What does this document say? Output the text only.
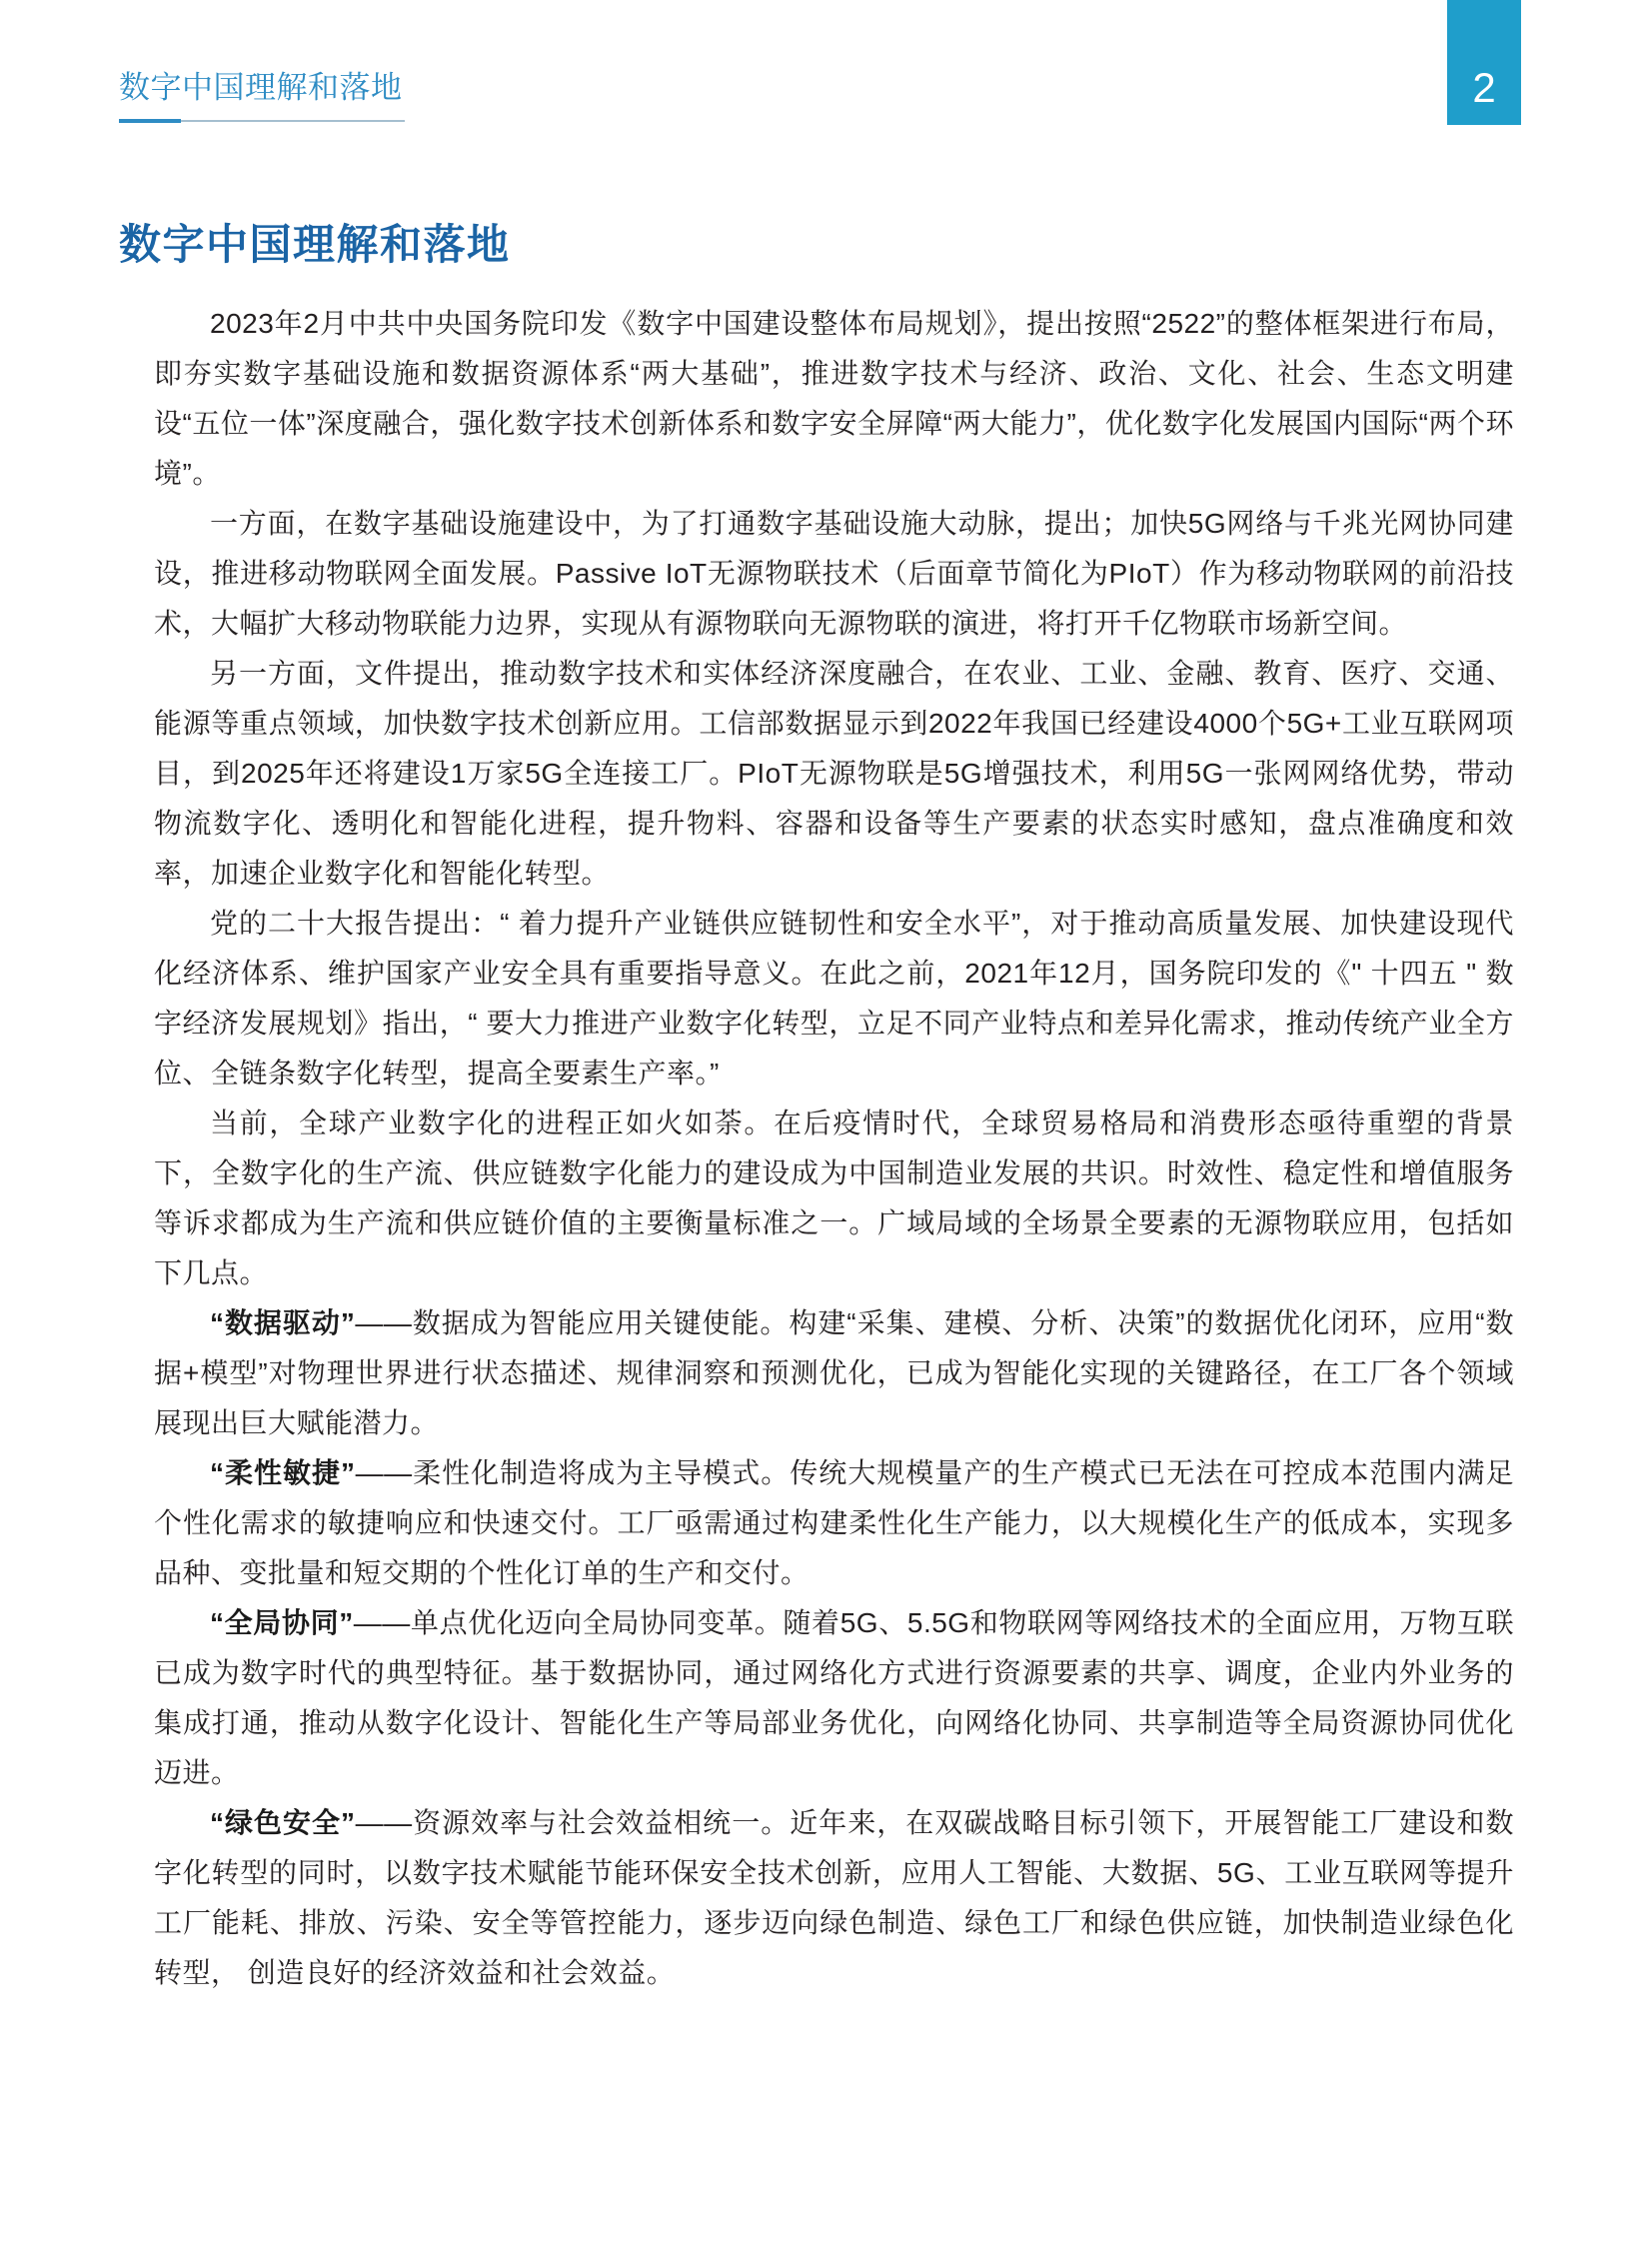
数字中国理解和落地	2
数字中国理解和落地

2023年2月中共中央国务院印发《数字中国建设整体布局规划》，提出按照“2522”的整体框架进行布局，即夯实数字基础设施和数据资源体系“两大基础”，推进数字技术与经济、政治、文化、社会、生态文明建设“五位一体”深度融合，强化数字技术创新体系和数字安全屏障“两大能力”，优化数字化发展国内国际“两个环境”。

一方面，在数字基础设施建设中，为了打通数字基础设施大动脉，提出；加快5G网络与千兆光网协同建设，推进移动物联网全面发展。Passive IoT无源物联技术（后面章节简化为PIoT）作为移动物联网的前沿技术，大幅扩大移动物联能力边界，实现从有源物联向无源物联的演进，将打开千亿物联市场新空间。

另一方面，文件提出，推动数字技术和实体经济深度融合，在农业、工业、金融、教育、医疗、交通、能源等重点领域，加快数字技术创新应用。工信部数据显示到2022年我国已经建设4000个5G+工业互联网项目，到2025年还将建设1万家5G全连接工厂。PIoT无源物联是5G增强技术，利用5G一张网网络优势，带动物流数字化、透明化和智能化进程，提升物料、容器和设备等生产要素的状态实时感知，盘点准确度和效率，加速企业数字化和智能化转型。

党的二十大报告提出：“ 着力提升产业链供应链韧性和安全水平”，对于推动高质量发展、加快建设现代化经济体系、维护国家产业安全具有重要指导意义。在此之前，2021年12月，国务院印发的《" 十四五 " 数字经济发展规划》指出，“ 要大力推进产业数字化转型，立足不同产业特点和差异化需求，推动传统产业全方位、全链条数字化转型，提高全要素生产率。”

当前，全球产业数字化的进程正如火如荼。在后疫情时代，全球贸易格局和消费形态亟待重塑的背景下，全数字化的生产流、供应链数字化能力的建设成为中国制造业发展的共识。时效性、稳定性和增值服务等诉求都成为生产流和供应链价值的主要衡量标准之一。广域局域的全场景全要素的无源物联应用，包括如下几点。

“数据驱动”——数据成为智能应用关键使能。构建“采集、建模、分析、决策”的数据优化闭环，应用“数据+模型”对物理世界进行状态描述、规律洞察和预测优化，已成为智能化实现的关键路径，在工厂各个领域展现出巨大赋能潜力。

“柔性敏捷”——柔性化制造将成为主导模式。传统大规模量产的生产模式已无法在可控成本范围内满足个性化需求的敏捷响应和快速交付。工厂亟需通过构建柔性化生产能力，以大规模化生产的低成本，实现多品种、变批量和短交期的个性化订单的生产和交付。

“全局协同”——单点优化迈向全局协同变革。随着5G、5.5G和物联网等网络技术的全面应用，万物互联已成为数字时代的典型特征。基于数据协同，通过网络化方式进行资源要素的共享、调度，企业内外业务的集成打通，推动从数字化设计、智能化生产等局部业务优化，向网络化协同、共享制造等全局资源协同优化迈进。

“绿色安全”——资源效率与社会效益相统一。近年来，在双碳战略目标引领下，开展智能工厂建设和数字化转型的同时，以数字技术赋能节能环保安全技术创新，应用人工智能、大数据、5G、工业互联网等提升工厂能耗、排放、污染、安全等管控能力，逐步迈向绿色制造、绿色工厂和绿色供应链，加快制造业绿色化转型， 创造良好的经济效益和社会效益。
